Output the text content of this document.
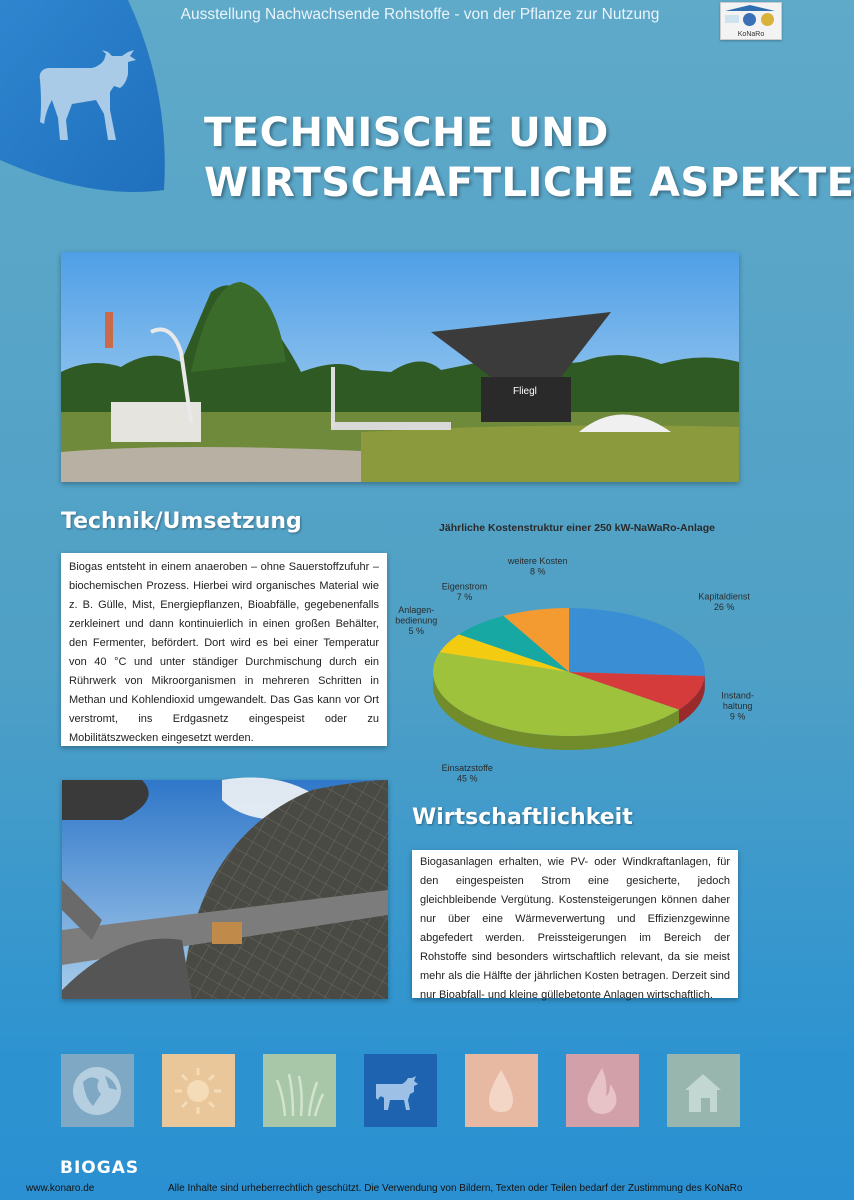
Ausstellung Nachwachsende Rohstoffe - von der Pflanze zur Nutzung
KoNaRo
TECHNISCHE UND
WIRTSCHAFTLICHE ASPEKTE
Fliegl
Technik/Umsetzung
Biogas entsteht in einem anaeroben – ohne Sauerstoffzufuhr – biochemischen Prozess. Hierbei wird organisches Material wie z. B. Gülle, Mist, Energiepflanzen, Bioabfälle, gegebenenfalls zerkleinert und dann kontinuierlich in einen großen Behälter, den Fermenter, befördert. Dort wird es bei einer Temperatur von 40 °C und unter ständiger Durchmischung durch ein Rührwerk von Mikroorganismen in mehreren Schritten in Methan und Kohlendioxid umgewandelt. Das Gas kann vor Ort verstromt, ins Erdgasnetz eingespeist oder zu Mobilitätszwecken eingesetzt werden.
Jährliche Kostenstruktur einer 250 kW-NaWaRo-Anlage
Kapitaldienst 26 %
Instand-haltung 9 %
Einsatzstoffe 45 %
Anlagen-bedienung 5 %
Eigenstrom 7 %
weitere Kosten 8 %
Wirtschaftlichkeit
Biogasanlagen erhalten, wie PV- oder Windkraftanlagen, für den eingespeisten Strom eine gesicherte, jedoch gleichbleibende Vergütung. Kostensteigerungen können daher nur über eine Wärmeverwertung und Effizienzgewinne abgefedert werden. Preissteigerungen im Bereich der Rohstoffe sind besonders wirtschaftlich relevant, da sie meist mehr als die Hälfte der jährlichen Kosten betragen. Derzeit sind nur Bioabfall- und kleine güllebetonte Anlagen wirtschaftlich.
BIOGAS
www.konaro.de	Alle Inhalte sind urheberrechtlich geschützt. Die Verwendung von Bildern, Texten oder Teilen bedarf der Zustimmung des KoNaRo
